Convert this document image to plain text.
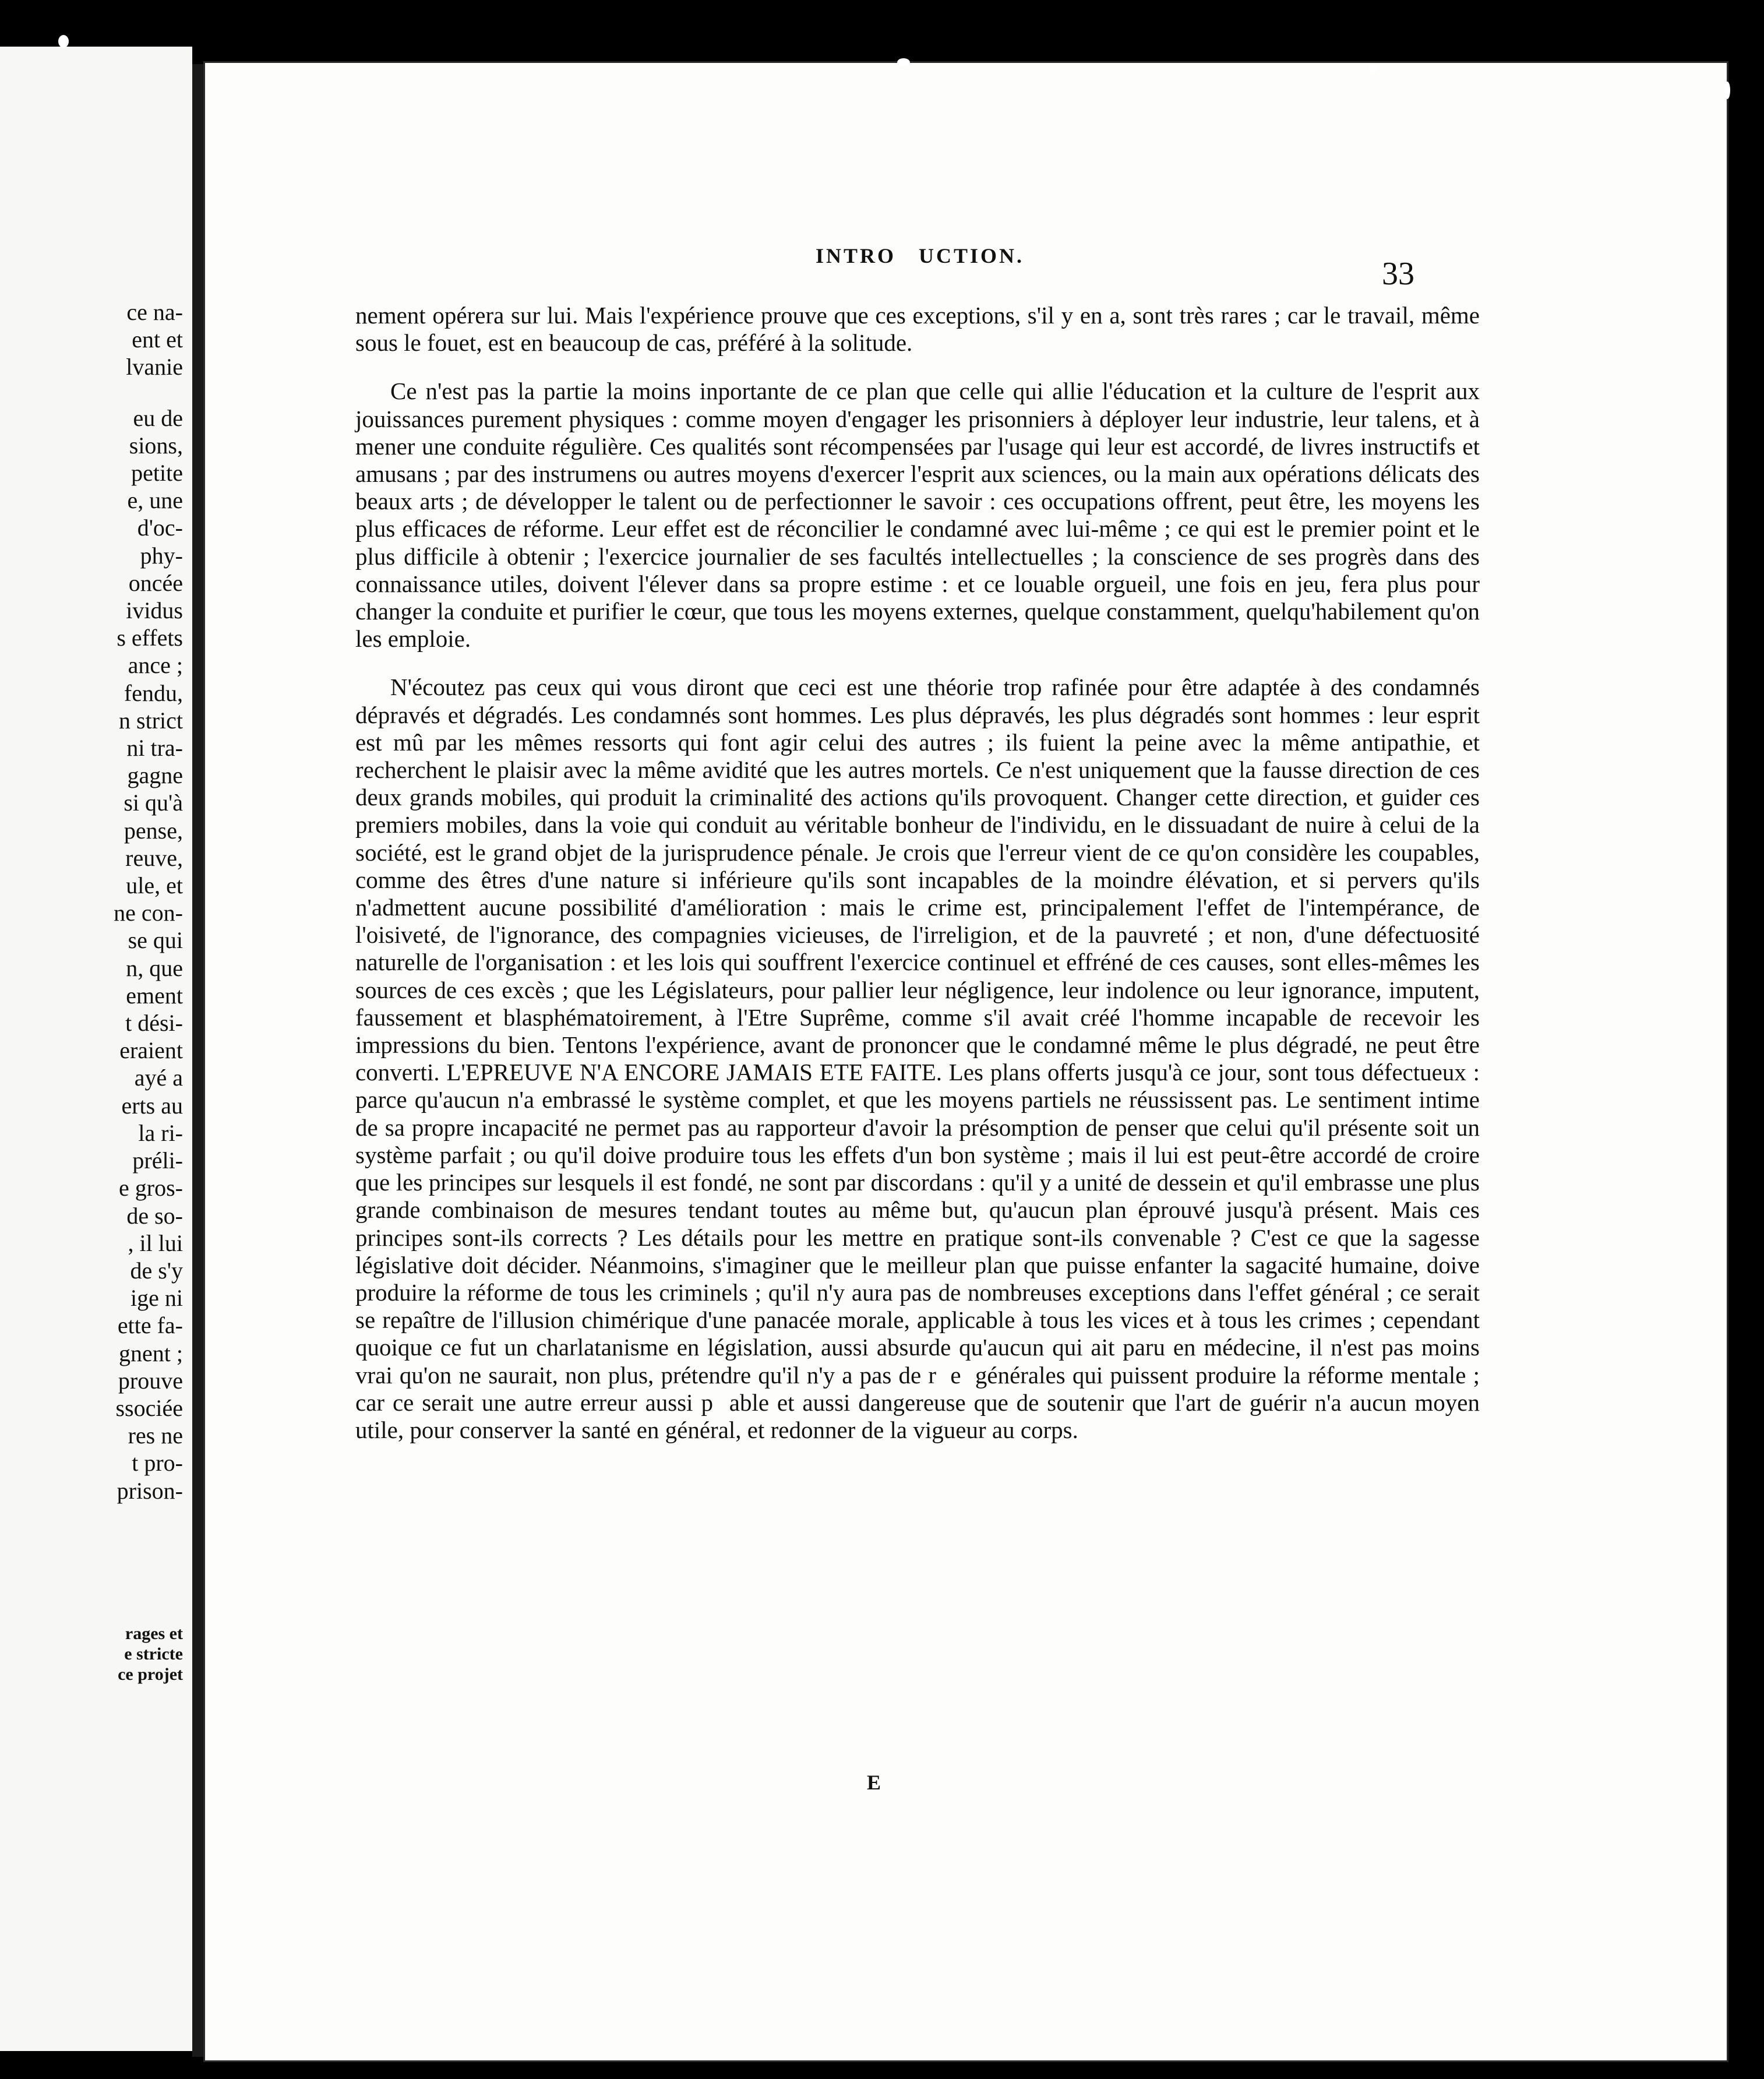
ce na-
ent et
lvanie
eu de
sions,
petite
e, une
d'oc-
phy-
oncée
ividus
s effets
ance ;
fendu,
n strict
ni tra-
gagne
si qu'à
pense,
reuve,
ule, et
ne con-
se qui
n, que
ement
t dési-
eraient
ayé a
erts au
la ri-
préli-
e gros-
de so-
, il lui
de s'y
ige ni
ette fa-
gnent ;
prouve
ssociée
res ne
t pro-
prison-
rages et
e stricte
ce projet
INTRO   UCTION.	33

nement opérera sur lui. Mais l'expérience prouve que ces exceptions, s'il y en a, sont très rares ; car le travail, même sous le fouet, est en beaucoup de cas, préféré à la solitude.

Ce n'est pas la partie la moins inportante de ce plan que celle qui allie l'éducation et la culture de l'esprit aux jouissances purement physiques : comme moyen d'engager les prisonniers à déployer leur industrie, leur talens, et à mener une conduite régulière. Ces qualités sont récompensées par l'usage qui leur est accordé, de livres instructifs et amusans ; par des instrumens ou autres moyens d'exercer l'esprit aux sciences, ou la main aux opérations délicats des beaux arts ; de développer le talent ou de perfectionner le savoir : ces occupations offrent, peut être, les moyens les plus efficaces de réforme. Leur effet est de réconcilier le condamné avec lui-même ; ce qui est le premier point et le plus difficile à obtenir ; l'exercice journalier de ses facultés intellectuelles ; la conscience de ses progrès dans des connaissance utiles, doivent l'élever dans sa propre estime : et ce louable orgueil, une fois en jeu, fera plus pour changer la conduite et purifier le cœur, que tous les moyens externes, quelque constamment, quelqu'habilement qu'on les emploie.

N'écoutez pas ceux qui vous diront que ceci est une théorie trop rafinée pour être adaptée à des condamnés dépravés et dégradés. Les condamnés sont hommes. Les plus dépravés, les plus dégradés sont hommes : leur esprit est mû par les mêmes ressorts qui font agir celui des autres ; ils fuient la peine avec la même antipathie, et recherchent le plaisir avec la même avidité que les autres mortels. Ce n'est uniquement que la fausse direction de ces deux grands mobiles, qui produit la criminalité des actions qu'ils provoquent. Changer cette direction, et guider ces premiers mobiles, dans la voie qui conduit au véritable bonheur de l'individu, en le dissuadant de nuire à celui de la société, est le grand objet de la jurisprudence pénale. Je crois que l'erreur vient de ce qu'on considère les coupables, comme des êtres d'une nature si inférieure qu'ils sont incapables de la moindre élévation, et si pervers qu'ils n'admettent aucune possibilité d'amélioration : mais le crime est, principalement l'effet de l'intempérance, de l'oisiveté, de l'ignorance, des compagnies vicieuses, de l'irreligion, et de la pauvreté ; et non, d'une défectuosité naturelle de l'organisation : et les lois qui souffrent l'exercice continuel et effréné de ces causes, sont elles-mêmes les sources de ces excès ; que les Législateurs, pour pallier leur négligence, leur indolence ou leur ignorance, imputent, faussement et blasphématoirement, à l'Etre Suprême, comme s'il avait créé l'homme incapable de recevoir les impressions du bien. Tentons l'expérience, avant de prononcer que le condamné même le plus dégradé, ne peut être converti. L'EPREUVE N'A ENCORE JAMAIS ETE FAITE. Les plans offerts jusqu'à ce jour, sont tous défectueux : parce qu'aucun n'a embrassé le système complet, et que les moyens partiels ne réussissent pas. Le sentiment intime de sa propre incapacité ne permet pas au rapporteur d'avoir la présomption de penser que celui qu'il présente soit un système parfait ; ou qu'il doive produire tous les effets d'un bon système ; mais il lui est peut-être accordé de croire que les principes sur lesquels il est fondé, ne sont par discordans : qu'il y a unité de dessein et qu'il embrasse une plus grande combinaison de mesures tendant toutes au même but, qu'aucun plan éprouvé jusqu'à présent. Mais ces principes sont-ils corrects ? Les détails pour les mettre en pratique sont-ils convenable ? C'est ce que la sagesse législative doit décider. Néanmoins, s'imaginer que le meilleur plan que puisse enfanter la sagacité humaine, doive produire la réforme de tous les criminels ; qu'il n'y aura pas de nombreuses exceptions dans l'effet général ; ce serait se repaître de l'illusion chimérique d'une panacée morale, applicable à tous les vices et à tous les crimes ; cependant quoique ce fut un charlatanisme en législation, aussi absurde qu'aucun qui ait paru en médecine, il n'est pas moins vrai qu'on ne saurait, non plus, prétendre qu'il n'y a pas de r  e  générales qui puissent produire la réforme mentale ; car ce serait une autre erreur aussi p  able et aussi dangereuse que de soutenir que l'art de guérir n'a aucun moyen utile, pour conserver la santé en général, et redonner de la vigueur au corps.

E
